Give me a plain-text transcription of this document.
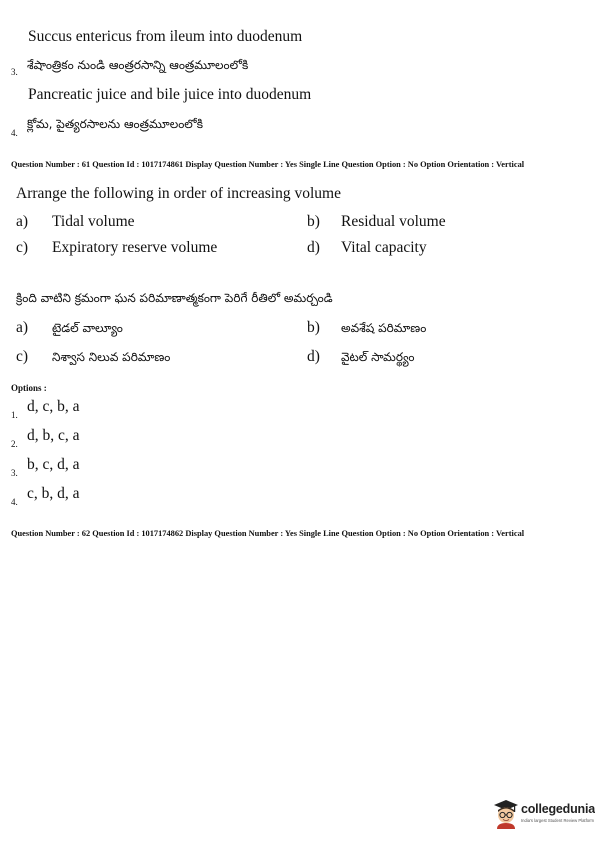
Succus entericus from ileum into duodenum
3. శేషాంత్రికం నుండి ఆంత్రరసాన్ని ఆంత్రమూలంలోకి
Pancreatic juice and bile juice into duodenum
4.
క్లోమ, పైత్యరసాలను ఆంత్రమూలంలోకి
Question Number : 61 Question Id : 1017174861 Display Question Number : Yes Single Line Question Option : No Option Orientation : Vertical
Arrange the following in order of increasing volume
a) Tidal volume	b) Residual volume
c) Expiratory reserve volume	d) Vital capacity
క్రింది వాటిని క్రమంగా ఘన పరిమాణాత్మకంగా పెరిగే రీతిలో అమర్చండి
a) టైడల్ వాల్యూం	b) అవశేష పరిమాణం
c) నిశ్వాస నిలువ పరిమాణం	d) వైటల్ సామర్థ్యం
Options :
1. d, c, b, a
2. d, b, c, a
3. b, c, d, a
4. c, b, d, a
Question Number : 62 Question Id : 1017174862 Display Question Number : Yes Single Line Question Option : No Option Orientation : Vertical
collegedunia
India's largest Student Review Platform
